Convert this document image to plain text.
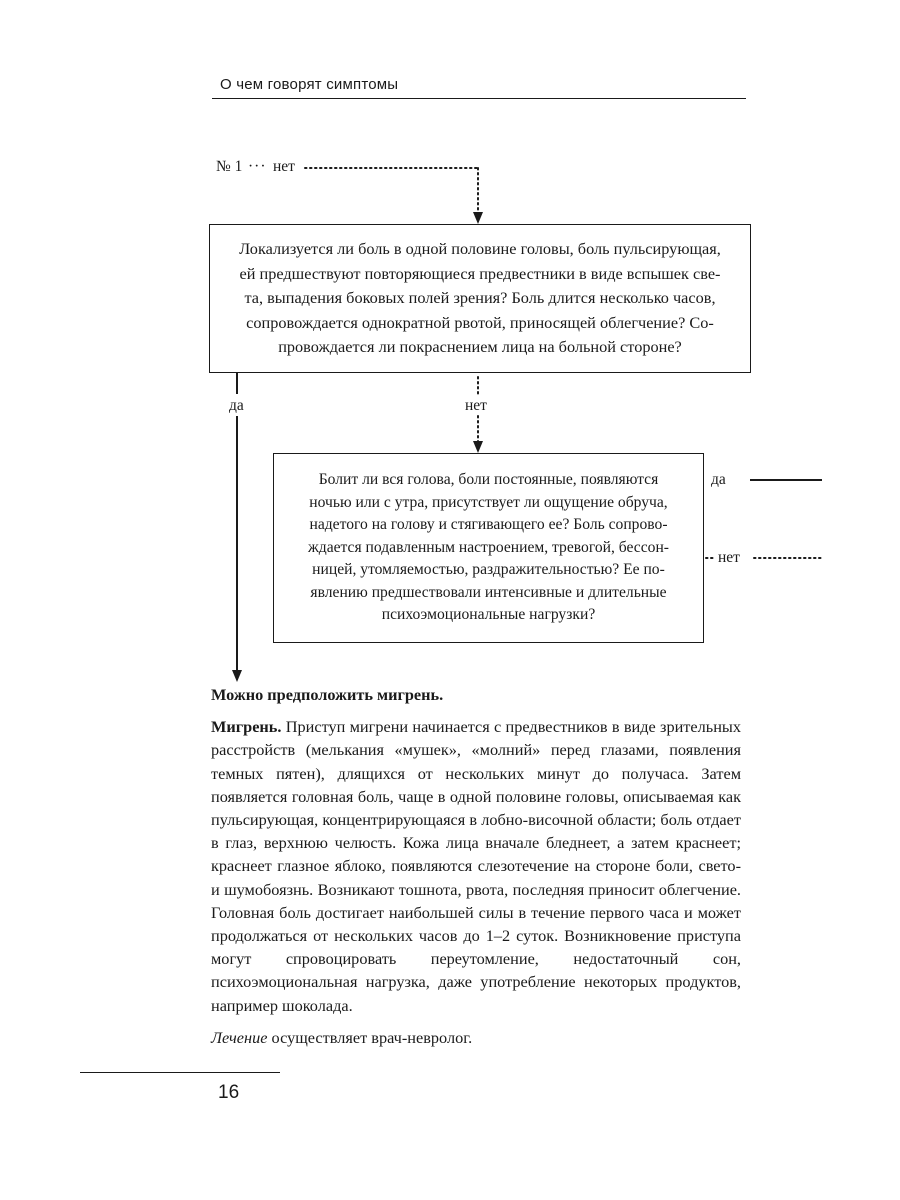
О чем говорят симптомы
№ 1 ··· нет

Локализуется ли боль в одной половине головы, боль пульсирующая,
ей предшествуют повторяющиеся предвестники в виде вспышек све-
та, выпадения боковых полей зрения? Боль длится несколько часов,
сопровождается однократной рвотой, приносящей облегчение? Со-
провождается ли покраснением лица на больной стороне?

да	нет

Болит ли вся голова, боли постоянные, появляются
ночью или с утра, присутствует ли ощущение обруча,
надетого на голову и стягивающего ее? Боль сопрово-
ждается подавленным настроением, тревогой, бессон-
ницей, утомляемостью, раздражительностью? Ее по-
явлению предшествовали интенсивные и длительные
психоэмоциональные нагрузки?

да
нет

Можно предположить мигрень.

Мигрень. Приступ мигрени начинается с предвестников в виде зрительных расстройств (мелькания «мушек», «молний» перед глазами, появления темных пятен), длящихся от нескольких минут до получаса. Затем появляется головная боль, чаще в одной половине головы, описываемая как пульсирующая, концентрирующаяся в лобно-височной области; боль отдает в глаз, верхнюю челюсть. Кожа лица вначале бледнеет, а затем краснеет; краснеет глазное яблоко, появляются слезотечение на стороне боли, свето- и шумобоязнь. Возникают тошнота, рвота, последняя приносит облегчение. Головная боль достигает наибольшей силы в течение первого часа и может продолжаться от нескольких часов до 1–2 суток. Возникновение приступа могут спровоцировать переутомление, недостаточный сон, психоэмоциональная нагрузка, даже употребление некоторых продуктов, например шоколада.

Лечение осуществляет врач-невролог.

16
